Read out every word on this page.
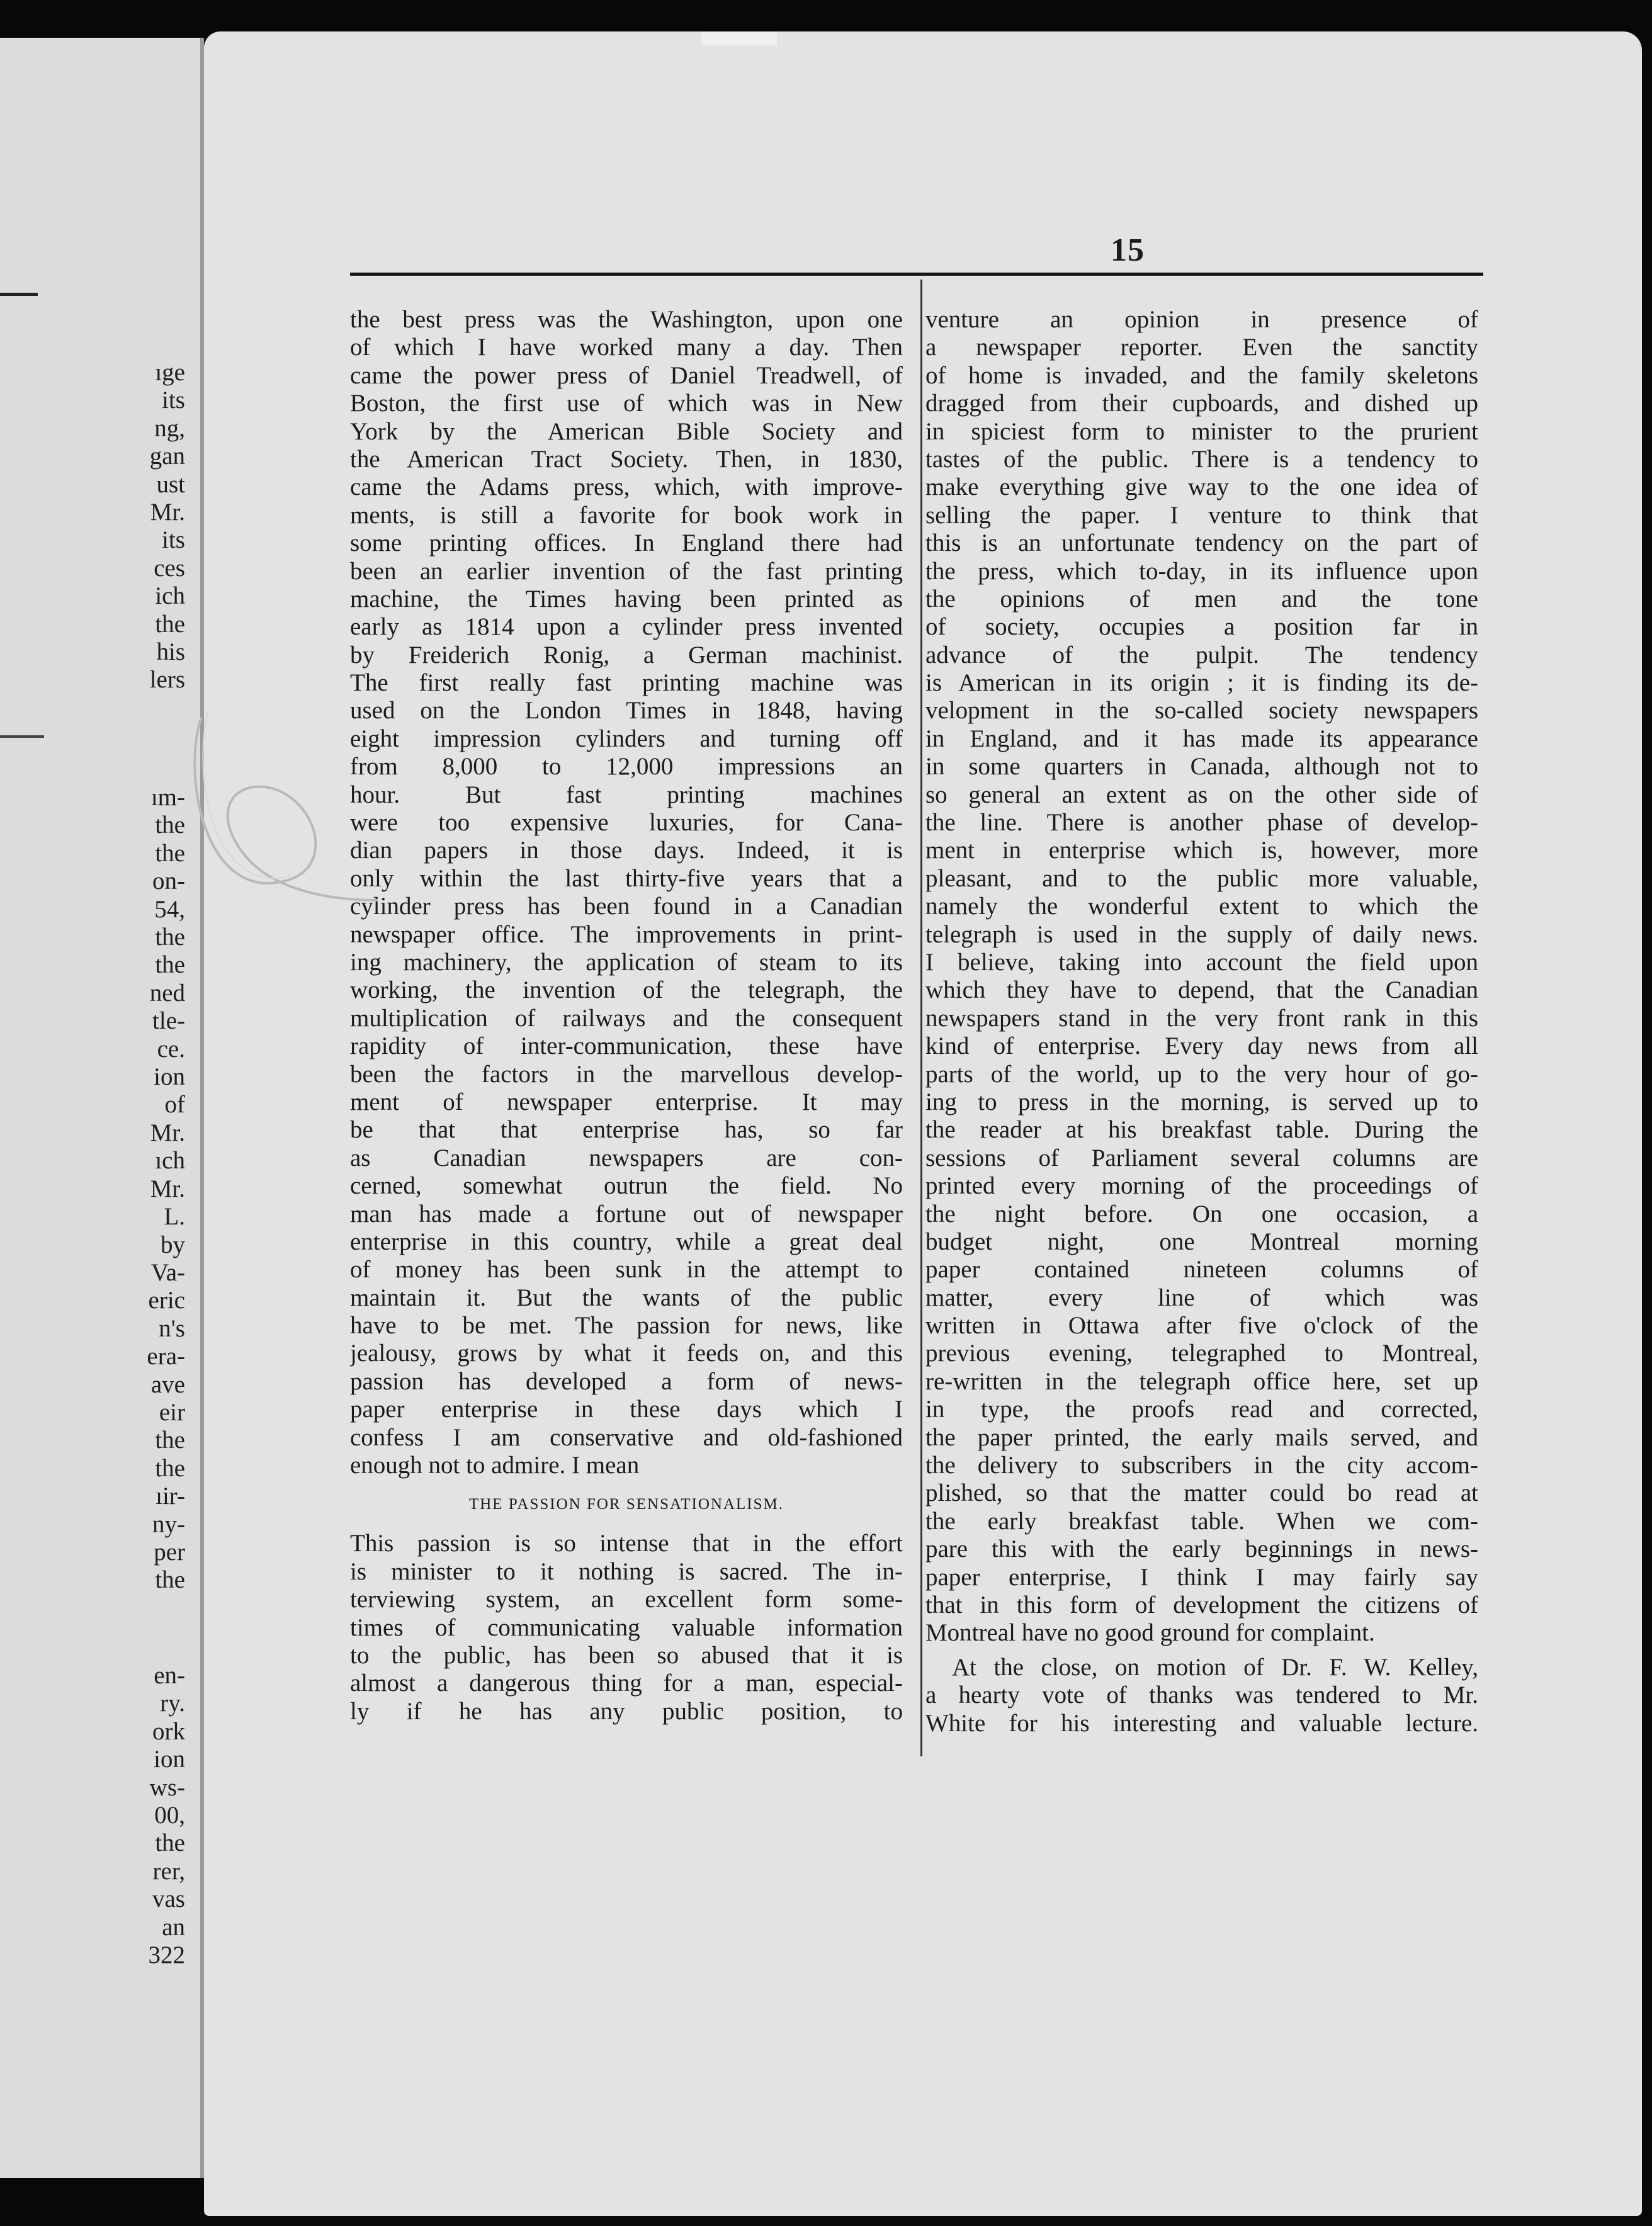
ıge
its
ng,
gan
ust
Mr.
its
ces
ich
the
his
lers
ım-
the
the
on-
54,
the
the
ned
tle-
ce.
ion
of
Mr.
ıch
Mr.
L.
by
Va-
eric
n's
era-
ave
eir
the
the
ıir-
ny-
per
the
en-
ry.
ork
ion
ws-
00,
the
rer,
vas
an
322
15
the best press was the Washington, upon one
of which I have worked many a day. Then
came the power press of Daniel Treadwell, of
Boston, the first use of which was in New
York by the American Bible Society and
the American Tract Society. Then, in 1830,
came the Adams press, which, with improve-
ments, is still a favorite for book work in
some printing offices. In England there had
been an earlier invention of the fast printing
machine, the Times having been printed as
early as 1814 upon a cylinder press invented
by Freiderich Ronig, a German machinist.
The first really fast printing machine was
used on the London Times in 1848, having
eight impression cylinders and turning off
from 8,000 to 12,000 impressions an
hour. But fast printing machines
were too expensive luxuries, for Cana-
dian papers in those days. Indeed, it is
only within the last thirty-five years that a
cylinder press has been found in a Canadian
newspaper office. The improvements in print-
ing machinery, the application of steam to its
working, the invention of the telegraph, the
multiplication of railways and the consequent
rapidity of inter-communication, these have
been the factors in the marvellous develop-
ment of newspaper enterprise. It may
be that that enterprise has, so far
as Canadian newspapers are con-
cerned, somewhat outrun the field. No
man has made a fortune out of newspaper
enterprise in this country, while a great deal
of money has been sunk in the attempt to
maintain it. But the wants of the public
have to be met. The passion for news, like
jealousy, grows by what it feeds on, and this
passion has developed a form of news-
paper enterprise in these days which I
confess I am conservative and old-fashioned
enough not to admire. I mean
THE PASSION FOR SENSATIONALISM.
This passion is so intense that in the effort
is minister to it nothing is sacred. The in-
terviewing system, an excellent form some-
times of communicating valuable information
to the public, has been so abused that it is
almost a dangerous thing for a man, especial-
ly if he has any public position, to
venture an opinion in presence of
a newspaper reporter. Even the sanctity
of home is invaded, and the family skeletons
dragged from their cupboards, and dished up
in spiciest form to minister to the prurient
tastes of the public. There is a tendency to
make everything give way to the one idea of
selling the paper. I venture to think that
this is an unfortunate tendency on the part of
the press, which to-day, in its influence upon
the opinions of men and the tone
of society, occupies a position far in
advance of the pulpit. The tendency
is American in its origin ; it is finding its de-
velopment in the so-called society newspapers
in England, and it has made its appearance
in some quarters in Canada, although not to
so general an extent as on the other side of
the line. There is another phase of develop-
ment in enterprise which is, however, more
pleasant, and to the public more valuable,
namely the wonderful extent to which the
telegraph is used in the supply of daily news.
I believe, taking into account the field upon
which they have to depend, that the Canadian
newspapers stand in the very front rank in this
kind of enterprise. Every day news from all
parts of the world, up to the very hour of go-
ing to press in the morning, is served up to
the reader at his breakfast table. During the
sessions of Parliament several columns are
printed every morning of the proceedings of
the night before. On one occasion, a
budget night, one Montreal morning
paper contained nineteen columns of
matter, every line of which was
written in Ottawa after five o'clock of the
previous evening, telegraphed to Montreal,
re-written in the telegraph office here, set up
in type, the proofs read and corrected,
the paper printed, the early mails served, and
the delivery to subscribers in the city accom-
plished, so that the matter could bo read at
the early breakfast table. When we com-
pare this with the early beginnings in news-
paper enterprise, I think I may fairly say
that in this form of development the citizens of
Montreal have no good ground for complaint.
At the close, on motion of Dr. F. W. Kelley,
a hearty vote of thanks was tendered to Mr.
White for his interesting and valuable lecture.
